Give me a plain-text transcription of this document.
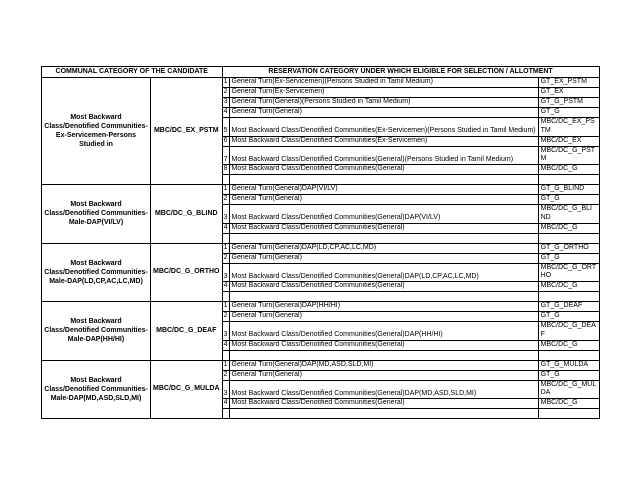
COMMUNAL CATEGORY OF THE CANDIDATE		RESERVATION CATEGORY UNDER WHICH ELIGIBLE FOR SELECTION / ALLOTMENT		
Most Backward Class/Denotified Communities-Ex-Servicemen-Persons Studied in	MBC/DC_EX_PSTM	1	General Turn(Ex-Servicemen)(Persons Studied in Tamil Medium)	GT_EX_PSTM
		2	General Turn(Ex-Servicemen)	GT_EX
		3	General Turn(General)(Persons Studied in Tamil Medium)	GT_G_PSTM
		4	General Turn(General)	GT_G
		5	Most Backward Class/Denotified Communities(Ex-Servicemen)(Persons Studied in Tamil Medium)	MBC/DC_EX_PSTM
		6	Most Backward Class/Denotified Communities(Ex-Servicemen)	MBC/DC_EX
		7	Most Backward Class/Denotified Communities(General)(Persons Studied in Tamil Medium)	MBC/DC_G_PSTM
		8	Most Backward Class/Denotified Communities(General)	MBC/DC_G

Most Backward Class/Denotified Communities-Male-DAP(VI/LV)	MBC/DC_G_BLIND	1	General Turn(General)DAP(VI/LV)	GT_G_BLIND
		2	General Turn(General)	GT_G
		3	Most Backward Class/Denotified Communities(General)DAP(VI/LV)	MBC/DC_G_BLIND
		4	Most Backward Class/Denotified Communities(General)	MBC/DC_G

Most Backward Class/Denotified Communities-Male-DAP(LD,CP,AC,LC,MD)	MBC/DC_G_ORTHO	1	General Turn(General)DAP(LD,CP,AC,LC,MD)	GT_G_ORTHO
		2	General Turn(General)	GT_G
		3	Most Backward Class/Denotified Communities(General)DAP(LD,CP,AC,LC,MD)	MBC/DC_G_ORTHO
		4	Most Backward Class/Denotified Communities(General)	MBC/DC_G

Most Backward Class/Denotified Communities-Male-DAP(HH/HI)	MBC/DC_G_DEAF	1	General Turn(General)DAP(HH/HI)	GT_G_DEAF
		2	General Turn(General)	GT_G
		3	Most Backward Class/Denotified Communities(General)DAP(HH/HI)	MBC/DC_G_DEAF
		4	Most Backward Class/Denotified Communities(General)	MBC/DC_G

Most Backward Class/Denotified Communities-Male-DAP(MD,ASD,SLD,MI)	MBC/DC_G_MULDA	1	General Turn(General)DAP(MD,ASD,SLD,MI)	GT_G_MULDA
		2	General Turn(General)	GT_G
		3	Most Backward Class/Denotified Communities(General)DAP(MD,ASD,SLD,MI)	MBC/DC_G_MULDA
		4	Most Backward Class/Denotified Communities(General)	MBC/DC_G
